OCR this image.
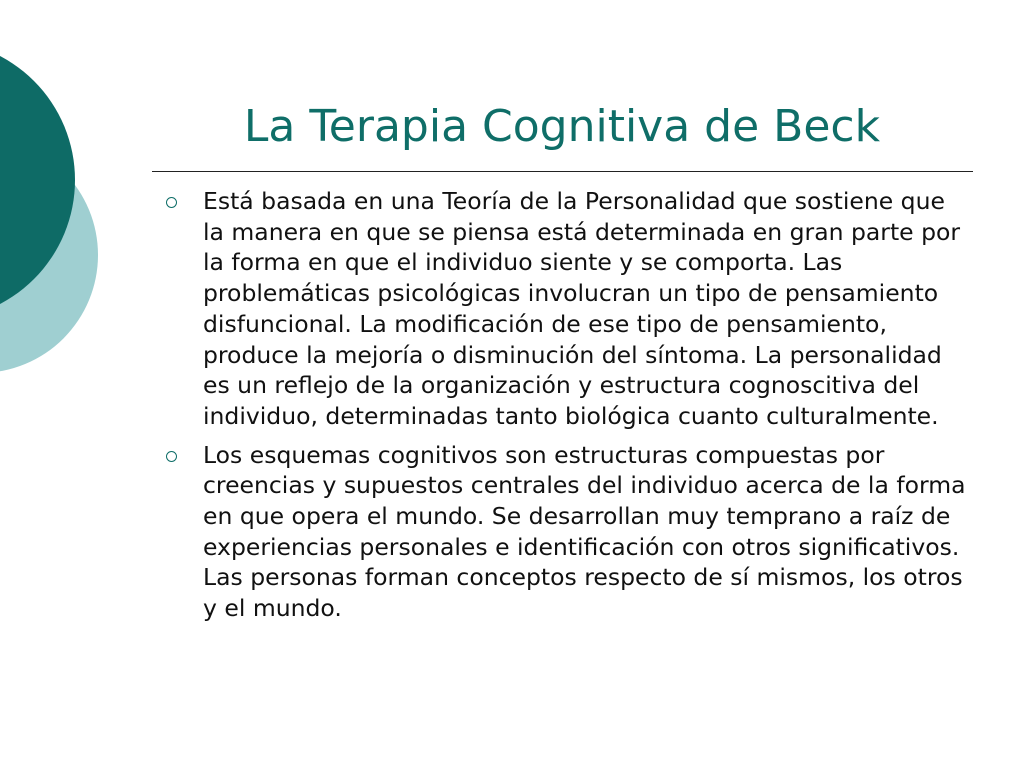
La Terapia Cognitiva de Beck
Está basada en una Teoría de la Personalidad que sostiene que la manera en que se piensa está determinada en gran parte por la forma en que el individuo siente y se comporta. Las problemáticas psicológicas involucran un tipo de pensamiento disfuncional. La modificación de ese tipo de pensamiento, produce la mejoría o disminución del síntoma. La personalidad es un reflejo de la organización y estructura cognoscitiva del individuo, determinadas tanto biológica cuanto culturalmente.
Los esquemas cognitivos son estructuras compuestas por creencias y supuestos centrales del individuo acerca de la forma en que opera el mundo. Se desarrollan muy temprano a raíz de  experiencias personales e identificación con otros significativos. Las personas forman conceptos respecto de sí mismos, los otros y el mundo.
